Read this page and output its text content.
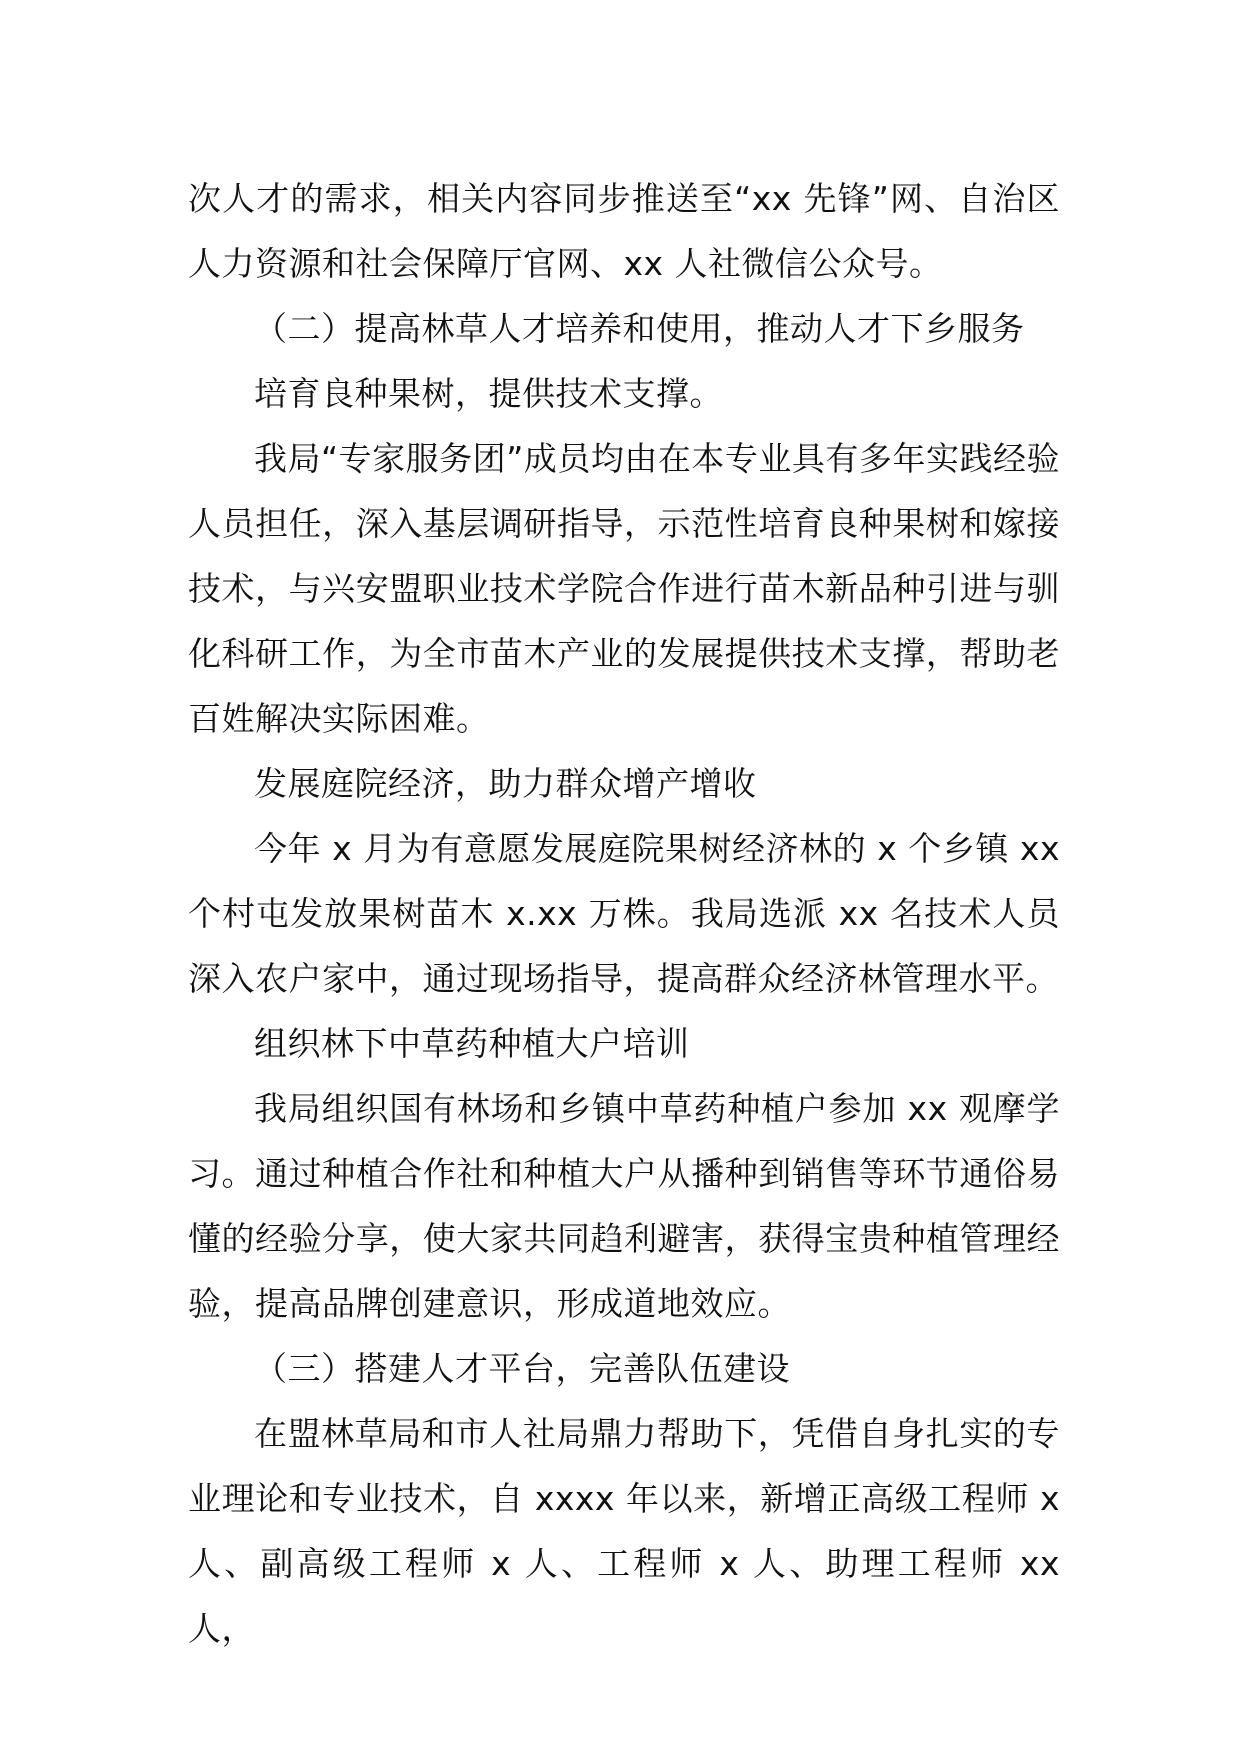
次人才的需求，相关内容同步推送至“xx 先锋”网、自治区人力资源和社会保障厅官网、xx 人社微信公众号。

（二）提高林草人才培养和使用，推动人才下乡服务

培育良种果树，提供技术支撑。

我局“专家服务团”成员均由在本专业具有多年实践经验人员担任，深入基层调研指导，示范性培育良种果树和嫁接技术，与兴安盟职业技术学院合作进行苗木新品种引进与驯化科研工作，为全市苗木产业的发展提供技术支撑，帮助老百姓解决实际困难。

发展庭院经济，助力群众增产增收

今年 x 月为有意愿发展庭院果树经济林的 x 个乡镇 xx 个村屯发放果树苗木 x.xx 万株。我局选派 xx 名技术人员深入农户家中，通过现场指导，提高群众经济林管理水平。

组织林下中草药种植大户培训

我局组织国有林场和乡镇中草药种植户参加 xx 观摩学习。通过种植合作社和种植大户从播种到销售等环节通俗易懂的经验分享，使大家共同趋利避害，获得宝贵种植管理经验，提高品牌创建意识，形成道地效应。

（三）搭建人才平台，完善队伍建设

在盟林草局和市人社局鼎力帮助下，凭借自身扎实的专业理论和专业技术，自 xxxx 年以来，新增正高级工程师 x 人、副高级工程师 x 人、工程师 x 人、助理工程师 xx 人，
